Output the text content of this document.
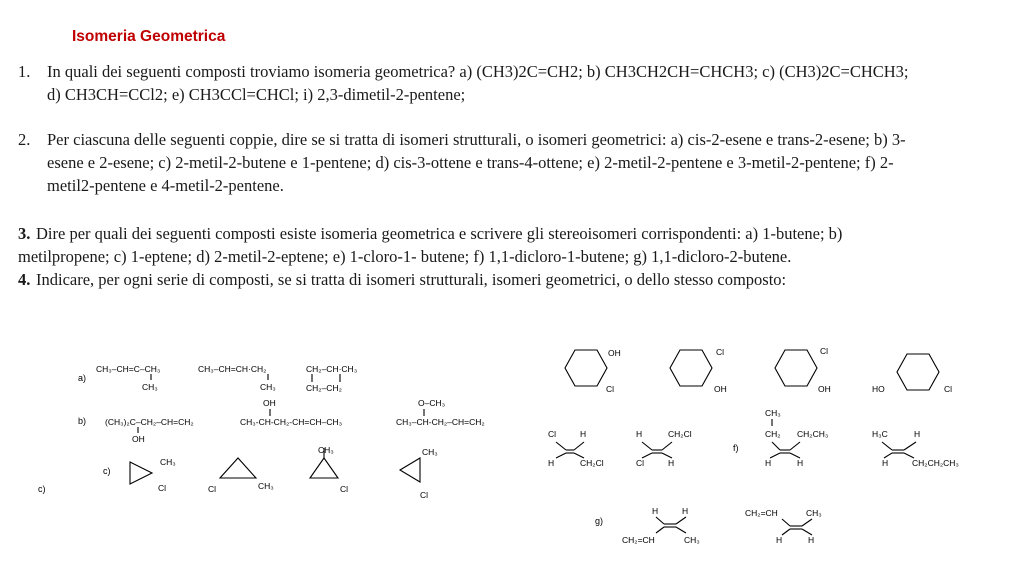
Isomeria Geometrica
1.	In quali dei seguenti composti troviamo isomeria geometrica? a) (CH3)2C=CH2; b) CH3CH2CH=CHCH3; c) (CH3)2C=CHCH3; d) CH3CH=CCl2; e) CH3CCl=CHCl; i) 2,3-dimetil-2-pentene;
2.	Per ciascuna delle seguenti coppie, dire se si tratta di isomeri strutturali, o isomeri geometrici: a) cis-2-esene e trans-2-esene; b) 3-esene e 2-esene; c) 2-metil-2-butene e 1-pentene; d) cis-3-ottene e trans-4-ottene; e) 2-metil-2-pentene e 3-metil-2-pentene; f) 2-metil2-pentene e 4-metil-2-pentene.
3. Dire per quali dei seguenti composti esiste isomeria geometrica e scrivere gli stereoisomeri corrispondenti: a) 1-butene; b) metilpropene; c) 1-eptene; d) 2-metil-2-eptene; e) 1-cloro-1- butene; f) 1,1-dicloro-1-butene; g) 1,1-dicloro-2-butene.
4. Indicare, per ogni serie di composti, se si tratta di isomeri strutturali, isomeri geometrici, o dello stesso composto:
a)
CH₃–CH=C–CH₃
CH₃
CH₃–CH=CH·CH₂
CH₃
CH₂–CH·CH₃
CH₂–CH₂
b) (CH₃)₂C–CH₂–CH=CH₂
OH
OH
CH₃-CH-CH₂-CH=CH–CH₃
O–CH₃
CH₃–CH-CH₂–CH=CH₂
c)
c)
CH₃
Cl	Cl	CH₃
CH₃
Cl
CH₃
Cl
OH
Cl
Cl
OH
Cl
OH	HO	Cl
Cl	H
H	CH₂Cl
H	CH₂Cl
Cl	H
f)
CH₃
CH₂ CH₂CH₃
H	H
H₃C	H
H	CH₂CH₂CH₃
g)
H	H
CH₂=CH	CH₃
CH₂=CH	CH₃
H	H
